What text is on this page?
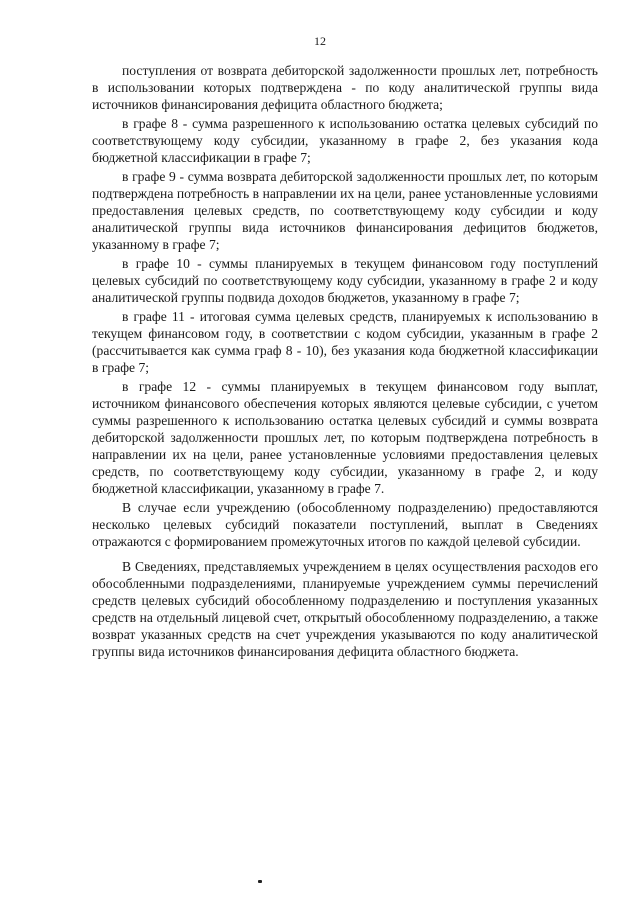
12

поступления от возврата дебиторской задолженности прошлых лет, потребность в использовании которых подтверждена - по коду аналитической группы вида источников финансирования дефицита областного бюджета;

в графе 8 - сумма разрешенного к использованию остатка целевых субсидий по соответствующему коду субсидии, указанному в графе 2, без указания кода бюджетной классификации в графе 7;

в графе 9 - сумма возврата дебиторской задолженности прошлых лет, по которым подтверждена потребность в направлении их на цели, ранее установленные условиями предоставления целевых средств, по соответствующему коду субсидии и коду аналитической группы вида источников финансирования дефицитов бюджетов, указанному в графе 7;

в графе 10 - суммы планируемых в текущем финансовом году поступлений целевых субсидий по соответствующему коду субсидии, указанному в графе 2 и коду аналитической группы подвида доходов бюджетов, указанному в графе 7;

в графе 11 - итоговая сумма целевых средств, планируемых к использованию в текущем финансовом году, в соответствии с кодом субсидии, указанным в графе 2 (рассчитывается как сумма граф 8 - 10), без указания кода бюджетной классификации в графе 7;

в графе 12 - суммы планируемых в текущем финансовом году выплат, источником финансового обеспечения которых являются целевые субсидии, с учетом суммы разрешенного к использованию остатка целевых субсидий и суммы возврата дебиторской задолженности прошлых лет, по которым подтверждена потребность в направлении их на цели, ранее установленные условиями предоставления целевых средств, по соответствующему коду субсидии, указанному в графе 2, и коду бюджетной классификации, указанному в графе 7.

В случае если учреждению (обособленному подразделению) предоставляются несколько целевых субсидий показатели поступлений, выплат в Сведениях отражаются с формированием промежуточных итогов по каждой целевой субсидии.

В Сведениях, представляемых учреждением в целях осуществления расходов его обособленными подразделениями, планируемые учреждением суммы перечислений средств целевых субсидий обособленному подразделению и поступления указанных средств на отдельный лицевой счет, открытый обособленному подразделению, а также возврат указанных средств на счет учреждения указываются по коду аналитической группы вида источников финансирования дефицита областного бюджета.
